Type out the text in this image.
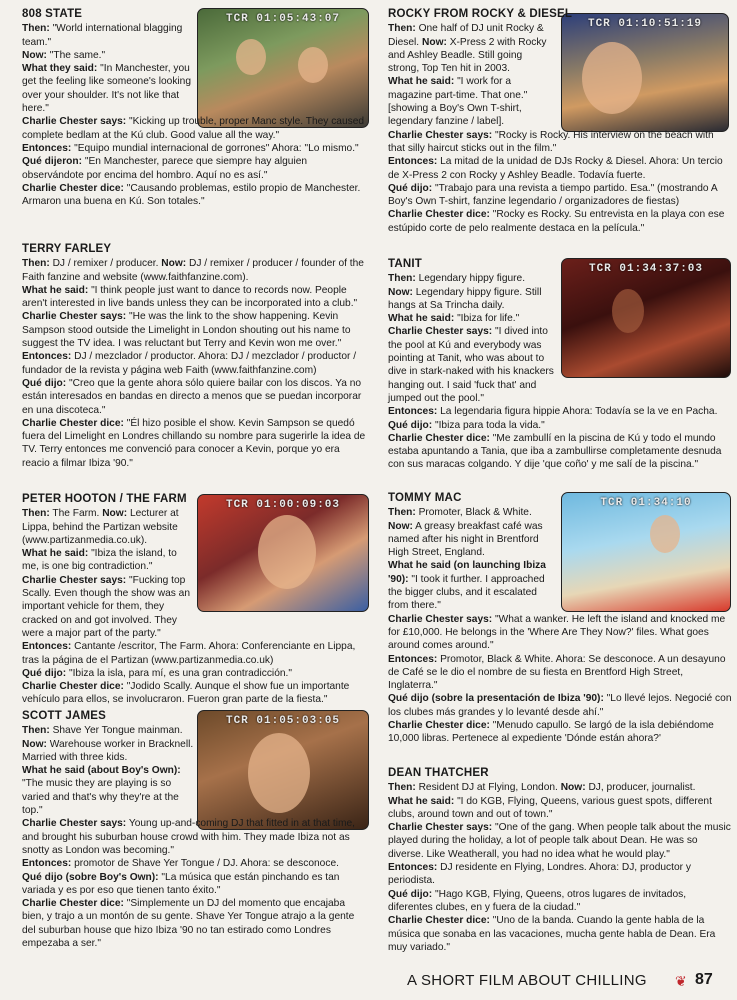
TCR 01:05:43:07	TCR 01:10:51:19
TCR 01:34:37:03
TCR 01:00:09:03	TCR 01:34:10
TCR 01:05:03:05
808 STATE

Then: "World international blagging team."
Now: "The same."
What they said: "In Manchester, you get the feeling like someone's looking over your shoulder. It's not like that here."

Charlie Chester says: "Kicking up trouble, proper Manc style. They caused complete bedlam at the Kú club. Good value all the way."
Entonces: "Equipo mundial internacional de gorrones" Ahora: "Lo mismo."
Qué dijeron: "En Manchester, parece que siempre hay alguien observándote por encima del hombro. Aquí no es así."
Charlie Chester dice: "Causando problemas, estilo propio de Manchester. Armaron una buena en Kú. Son totales."

TERRY FARLEY

Then: DJ / remixer / producer. Now: DJ / remixer / producer / founder of the Faith fanzine and website (www.faithfanzine.com).
What he said: "I think people just want to dance to records now. People aren't interested in live bands unless they can be incorporated into a club."
Charlie Chester says: "He was the link to the show happening. Kevin Sampson stood outside the Limelight in London shouting out his name to suggest the TV idea. I was reluctant but Terry and Kevin won me over."
Entonces: DJ / mezclador / productor. Ahora: DJ / mezclador / productor / fundador de la revista y página web Faith (www.faithfanzine.com)
Qué dijo: "Creo que la gente ahora sólo quiere bailar con los discos. Ya no están interesados en bandas en directo a menos que se puedan incorporar en una discoteca."
Charlie Chester dice: "Él hizo posible el show. Kevin Sampson se quedó fuera del Limelight en Londres chillando su nombre para sugerirle la idea de TV. Terry entonces me convenció para conocer a Kevin, porque yo era reacio a filmar Ibiza '90."

PETER HOOTON / THE FARM

Then: The Farm. Now: Lecturer at Lippa, behind the Partizan website (www.partizanmedia.co.uk).
What he said: "Ibiza the island, to me, is one big contradiction."
Charlie Chester says: "Fucking top Scally. Even though the show was an important vehicle for them, they cracked on and got involved. They were a major part of the party."

Entonces: Cantante /escritor, The Farm. Ahora: Conferenciante en Lippa, tras la página de el Partizan (www.partizanmedia.co.uk)
Qué dijo: "Ibiza la isla, para mí, es una gran contradicción."
Charlie Chester dice: "Jodido Scally. Aunque el show fue un importante vehículo para ellos, se involucraron. Fueron gran parte de la fiesta."

SCOTT JAMES

Then: Shave Yer Tongue mainman.
Now: Warehouse worker in Bracknell. Married with three kids.
What he said (about Boy's Own): "The music they are playing is so varied and that's why they're at the top."

Charlie Chester says: Young up-and-coming DJ that fitted in at that time, and brought his suburban house crowd with him. They made Ibiza not as snotty as London was becoming."
Entonces: promotor de Shave Yer Tongue / DJ. Ahora: se desconoce.
Qué dijo (sobre Boy's Own): "La música que están pinchando es tan variada y es por eso que tienen tanto éxito."
Charlie Chester dice: "Simplemente un DJ del momento que encajaba bien, y trajo a un montón de su gente. Shave Yer Tongue atrajo a la gente del suburban house que hizo Ibiza '90 no tan estirado como Londres empezaba a ser."

ROCKY FROM ROCKY & DIESEL

Then: One half of DJ unit Rocky & Diesel. Now: X-Press 2 with Rocky and Ashley Beadle. Still going strong, Top Ten hit in 2003.
What he said: "I work for a magazine part-time. That one." [showing a Boy's Own T-shirt, legendary fanzine / label].

Charlie Chester says: "Rocky is Rocky. His interview on the beach with that silly haircut sticks out in the film."
Entonces: La mitad de la unidad de DJs Rocky & Diesel. Ahora: Un tercio de X-Press 2 con Rocky y Ashley Beadle. Todavía fuerte.
Qué dijo: "Trabajo para una revista a tiempo partido. Esa." (mostrando A Boy's Own T-shirt, fanzine legendario / organizadores de fiestas)
Charlie Chester dice: "Rocky es Rocky. Su entrevista en la playa con ese estúpido corte de pelo realmente destaca en la película."

TANIT

Then: Legendary hippy figure.
Now: Legendary hippy figure. Still hangs at Sa Trincha daily.
What he said: "Ibiza for life."
Charlie Chester says: "I dived into the pool at Kú and everybody was pointing at Tanit, who was about to dive in stark-naked with his knackers hanging out. I said 'fuck that' and jumped out the pool."

Entonces: La legendaria figura hippie Ahora: Todavía se la ve en Pacha.
Qué dijo: "Ibiza para toda la vida."
Charlie Chester dice: "Me zambullí en la piscina de Kú y todo el mundo estaba apuntando a Tania, que iba a zambullirse completamente desnuda con sus maracas colgando. Y dije 'que coño' y me salí de la piscina."

TOMMY MAC

Then: Promoter, Black & White.
Now: A greasy breakfast café was named after his night in Brentford High Street, England.
What he said (on launching Ibiza '90): "I took it further. I approached the bigger clubs, and it escalated from there."

Charlie Chester says: "What a wanker. He left the island and knocked me for £10,000. He belongs in the 'Where Are They Now?' files. What goes around comes around."
Entonces: Promotor, Black & White. Ahora: Se desconoce. A un desayuno de Café se le dio el nombre de su fiesta en Brentford High Street, Inglaterra."
Qué dijo (sobre la presentación de Ibiza '90): "Lo llevé lejos. Negocié con los clubes más grandes y lo levanté desde ahí."
Charlie Chester dice: "Menudo capullo. Se largó de la isla debiéndome 10,000 libras. Pertenece al expediente 'Dónde están ahora?'

DEAN THATCHER

Then: Resident DJ at Flying, London. Now: DJ, producer, journalist.
What he said: "I do KGB, Flying, Queens, various guest spots, different clubs, around town and out of town."
Charlie Chester says: "One of the gang. When people talk about the music played during the holiday, a lot of people talk about Dean. He was so diverse. Like Weatherall, you had no idea what he would play."
Entonces: DJ residente en Flying, Londres. Ahora: DJ, productor y periodista.
Qué dijo: "Hago KGB, Flying, Queens, otros lugares de invitados, diferentes clubes, en y fuera de la ciudad."
Charlie Chester dice: "Uno de la banda. Cuando la gente habla de la música que sonaba en las vacaciones, mucha gente habla de Dean. Era muy variado."

A SHORT FILM ABOUT CHILLING ❦ 87
